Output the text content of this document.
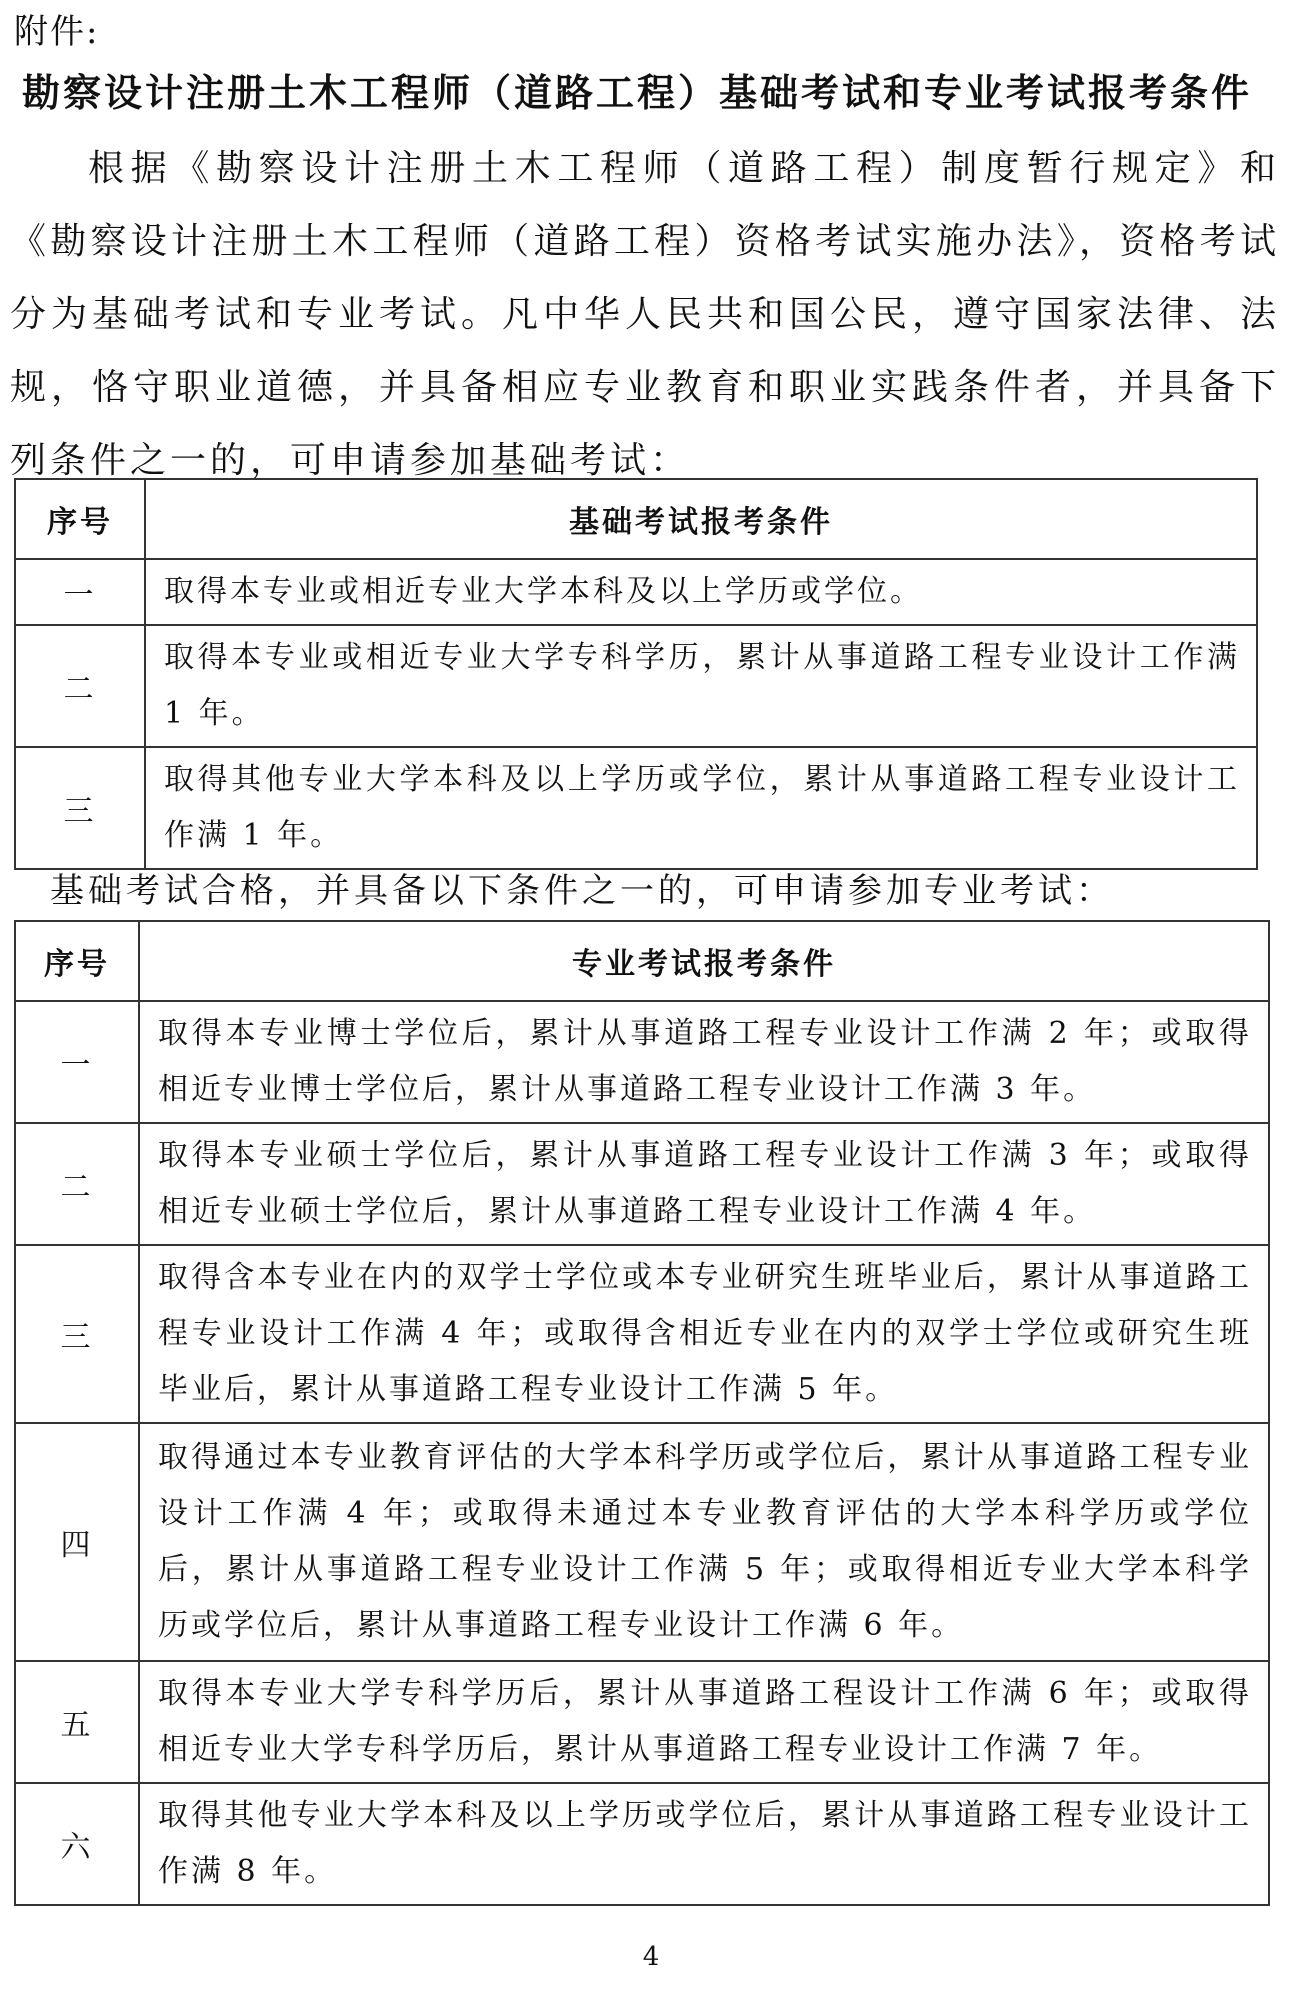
附件:
勘察设计注册土木工程师（道路工程）基础考试和专业考试报考条件

根据《勘察设计注册土木工程师（道路工程）制度暂行规定》和《勘察设计注册土木工程师（道路工程）资格考试实施办法》，资格考试分为基础考试和专业考试。凡中华人民共和国公民，遵守国家法律、法规，恪守职业道德，并具备相应专业教育和职业实践条件者，并具备下列条件之一的，可申请参加基础考试：

序号	基础考试报考条件
一	取得本专业或相近专业大学本科及以上学历或学位。
二	取得本专业或相近专业大学专科学历，累计从事道路工程专业设计工作满 1 年。
三	取得其他专业大学本科及以上学历或学位，累计从事道路工程专业设计工作满 1 年。
基础考试合格，并具备以下条件之一的，可申请参加专业考试：
序号	专业考试报考条件
一	取得本专业博士学位后，累计从事道路工程专业设计工作满 2 年；或取得相近专业博士学位后，累计从事道路工程专业设计工作满 3 年。
二	取得本专业硕士学位后，累计从事道路工程专业设计工作满 3 年；或取得相近专业硕士学位后，累计从事道路工程专业设计工作满 4 年。
三	取得含本专业在内的双学士学位或本专业研究生班毕业后，累计从事道路工程专业设计工作满 4 年；或取得含相近专业在内的双学士学位或研究生班毕业后，累计从事道路工程专业设计工作满 5 年。
四	取得通过本专业教育评估的大学本科学历或学位后，累计从事道路工程专业设计工作满 4 年；或取得未通过本专业教育评估的大学本科学历或学位后，累计从事道路工程专业设计工作满 5 年；或取得相近专业大学本科学历或学位后，累计从事道路工程专业设计工作满 6 年。
五	取得本专业大学专科学历后，累计从事道路工程设计工作满 6 年；或取得相近专业大学专科学历后，累计从事道路工程专业设计工作满 7 年。
六	取得其他专业大学本科及以上学历或学位后，累计从事道路工程专业设计工作满 8 年。
4
